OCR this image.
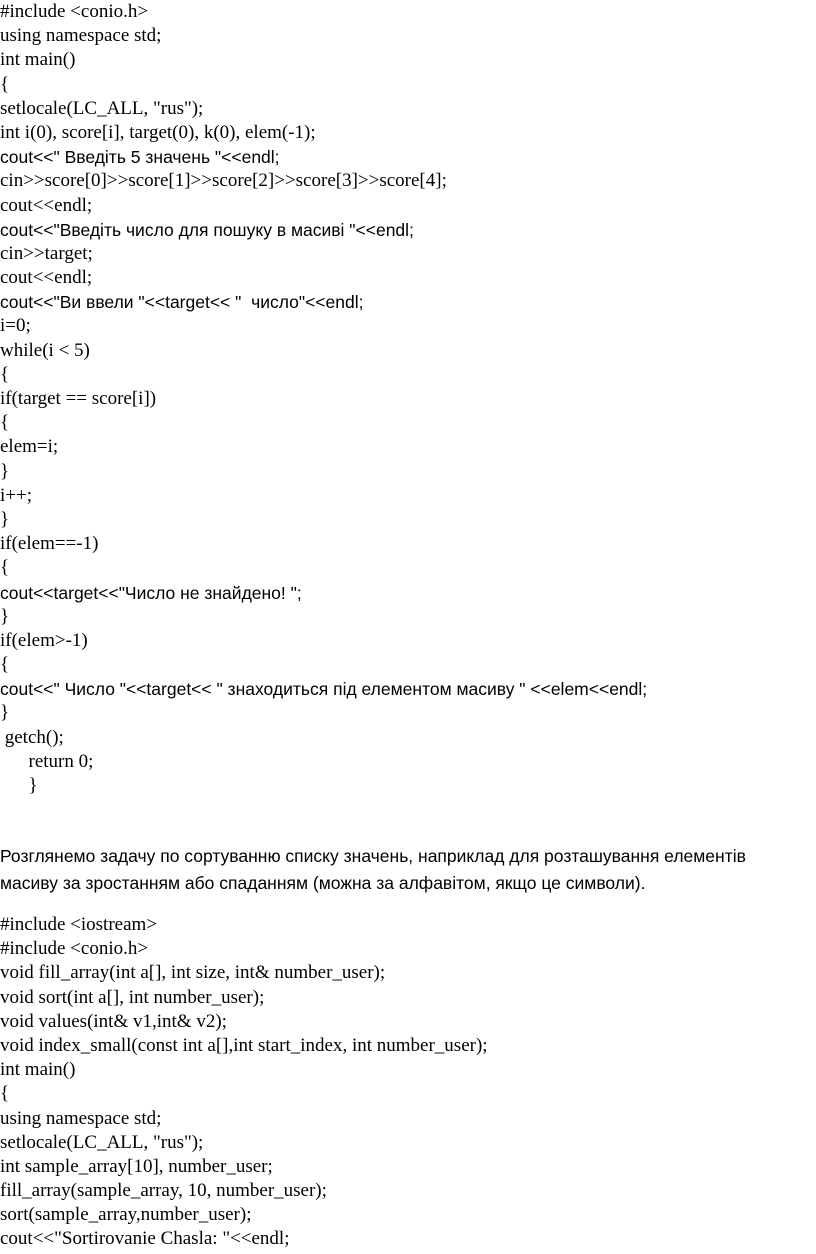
#include <conio.h>
using namespace std;
int main()
{
setlocale(LC_ALL, "rus");
int i(0), score[i], target(0), k(0), elem(-1);
cout<<" Введіть 5 значень "<<endl;
cin>>score[0]>>score[1]>>score[2]>>score[3]>>score[4];
cout<<endl;
cout<<"Введіть число для пошуку в масиві "<<endl;
cin>>target;
cout<<endl;
cout<<"Ви ввели "<<target<< "  число"<<endl;
i=0;
while(i < 5)
{
if(target == score[i])
{
elem=i;
}
i++;
}
if(elem==-1)
{
cout<<target<<"Число не знайдено! ";
}
if(elem>-1)
{
cout<<" Число "<<target<< " знаходиться під елементом масиву " <<elem<<endl;
}
getch();
return 0;
}
Розглянемо задачу по сортуванню списку значень, наприклад для розташування елементів
масиву за зростанням або спаданням (можна за алфавітом, якщо це символи).
#include <iostream>
#include <conio.h>
void fill_array(int a[], int size, int& number_user);
void sort(int a[], int number_user);
void values(int& v1,int& v2);
void index_small(const int a[],int start_index, int number_user);
int main()
{
using namespace std;
setlocale(LC_ALL, "rus");
int sample_array[10], number_user;
fill_array(sample_array, 10, number_user);
sort(sample_array,number_user);
cout<<"Sortirovanie Chasla: "<<endl;
